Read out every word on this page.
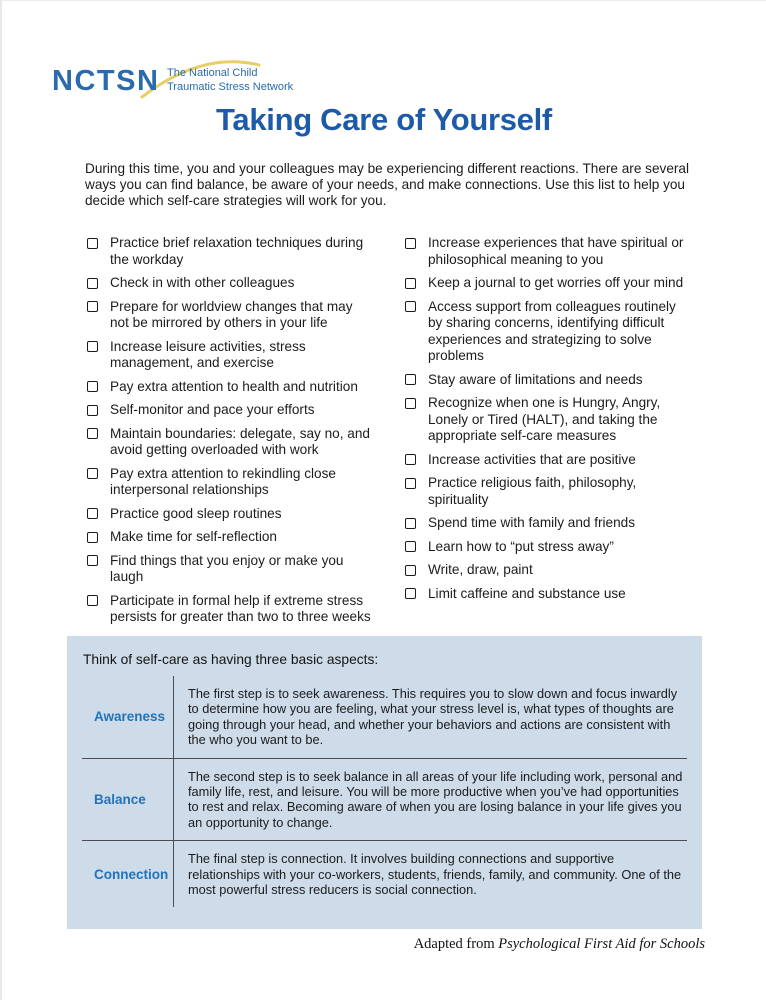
NCTSN The National Child
Traumatic Stress Network
Taking Care of Yourself
During this time, you and your colleagues may be experiencing different reactions. There are several ways you can find balance, be aware of your needs, and make connections. Use this list to help you decide which self-care strategies will work for you.
Practice brief relaxation techniques during the workday
Check in with other colleagues
Prepare for worldview changes that may not be mirrored by others in your life
Increase leisure activities, stress management, and exercise
Pay extra attention to health and nutrition
Self-monitor and pace your efforts
Maintain boundaries: delegate, say no, and avoid getting overloaded with work
Pay extra attention to rekindling close interpersonal relationships
Practice good sleep routines
Make time for self-reflection
Find things that you enjoy or make you laugh
Participate in formal help if extreme stress persists for greater than two to three weeks
Increase experiences that have spiritual or philosophical meaning to you
Keep a journal to get worries off your mind
Access support from colleagues routinely by sharing concerns, identifying difficult experiences and strategizing to solve problems
Stay aware of limitations and needs
Recognize when one is Hungry, Angry, Lonely or Tired (HALT), and taking the appropriate self-care measures
Increase activities that are positive
Practice religious faith, philosophy, spirituality
Spend time with family and friends
Learn how to “put stress away”
Write, draw, paint
Limit caffeine and substance use
Think of self-care as having three basic aspects:
Awareness
The first step is to seek awareness. This requires you to slow down and focus inwardly to determine how you are feeling, what your stress level is, what types of thoughts are going through your head, and whether your behaviors and actions are consistent with the who you want to be.
Balance
The second step is to seek balance in all areas of your life including work, personal and family life, rest, and leisure. You will be more productive when you’ve had opportunities to rest and relax. Becoming aware of when you are losing balance in your life gives you an opportunity to change.
Connection
The final step is connection. It involves building connections and supportive relationships with your co-workers, students, friends, family, and community. One of the most powerful stress reducers is social connection.
Adapted from Psychological First Aid for Schools
